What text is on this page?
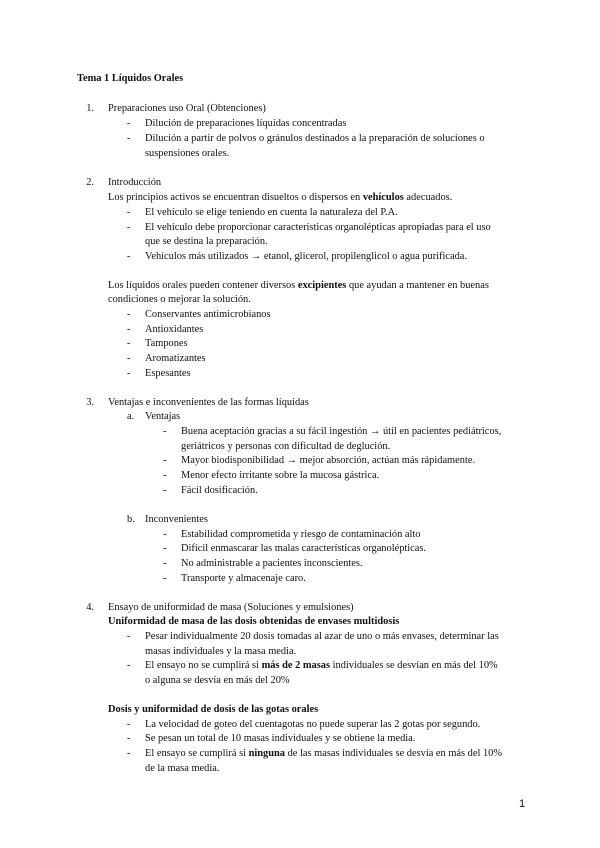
Tema 1 Líquidos Orales
1. Preparaciones uso Oral (Obtenciones)
-	Dilución de preparaciones líquidas concentradas
-	Dilución a partir de polvos o gránulos destinados a la preparación de soluciones o
suspensiones orales.
2. Introducción
Los principios activos se encuentran disueltos o dispersos en vehículos adecuados.
-	El vehículo se elige teniendo en cuenta la naturaleza del P.A.
-	El vehículo debe proporcionar características organolépticas apropiadas para el uso
que se destina la preparación.
-	Vehículos más utilizados → etanol, glicerol, propilenglicol o agua purificada.
Los líquidos orales pueden contener diversos excipientes que ayudan a mantener en buenas
condiciones o mejorar la solución.
-	Conservantes antimicrobianos
-	Antioxidantes
-	Tampones
-	Aromatizantes
-	Espesantes
3. Ventajas e inconvenientes de las formas líquidas
a. Ventajas
-	Buena aceptación gracias a su fácil ingestión → útil en pacientes pediátricos,
geriátricos y personas con dificultad de deglución.
-	Mayor biodisponibilidad → mejor absorción, actúan más rápidamente.
-	Menor efecto irritante sobre la mucosa gástrica.
-	Fácil dosificación.
b. Inconvenientes
-	Estabilidad comprometida y riesgo de contaminación alto
-	Difícil enmascarar las malas características organolépticas.
-	No administrable a pacientes inconscientes.
-	Transporte y almacenaje caro.
4. Ensayo de uniformidad de masa (Soluciones y emulsiones)
Uniformidad de masa de las dosis obtenidas de envases multidosis
-	Pesar individualmente 20 dosis tomadas al azar de uno o más envases, determinar las
masas individuales y la masa media.
-	El ensayo no se cumplirá si más de 2 masas individuales se desvían en más del 10%
o alguna se desvía en más del 20%
Dosis y uniformidad de dosis de las gotas orales
-	La velocidad de goteo del cuentagotas no puede superar las 2 gotas por segundo.
-	Se pesan un total de 10 masas individuales y se obtiene la media.
-	El ensayo se cumplirá si ninguna de las masas individuales se desvía en más del 10%
de la masa media.
1
